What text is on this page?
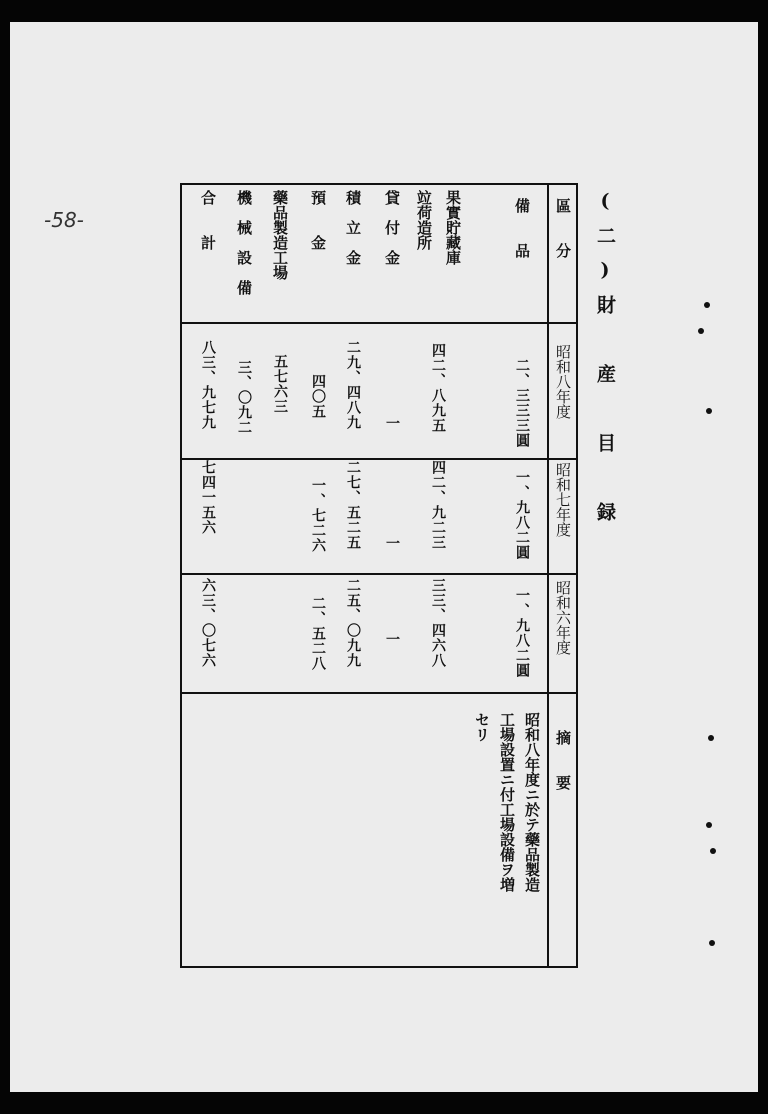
-58-	(二)財 産 目 録
區　　分
昭和八年度
昭和七年度
昭和六年度
摘　　要
備　　品
果實貯藏庫
竝荷造所
貸　付　金
積　立　金
預　　金
藥品製造工場
機　械　設　備
合　　計
二、三三三圓
四二、八九五
一
二九、四八九
四〇五
五七六三
三、〇九二
八三、九七九
一、九八二圓
四二、九二三
一
二七、五二五
一、七二六
七四一五六
一、九八二圓
三三、四六八
一
二五、〇九九
二、五二八
六三、〇七六
昭和八年度ニ於テ藥品製造
工場設置ニ付工場設備ヲ増
セリ
